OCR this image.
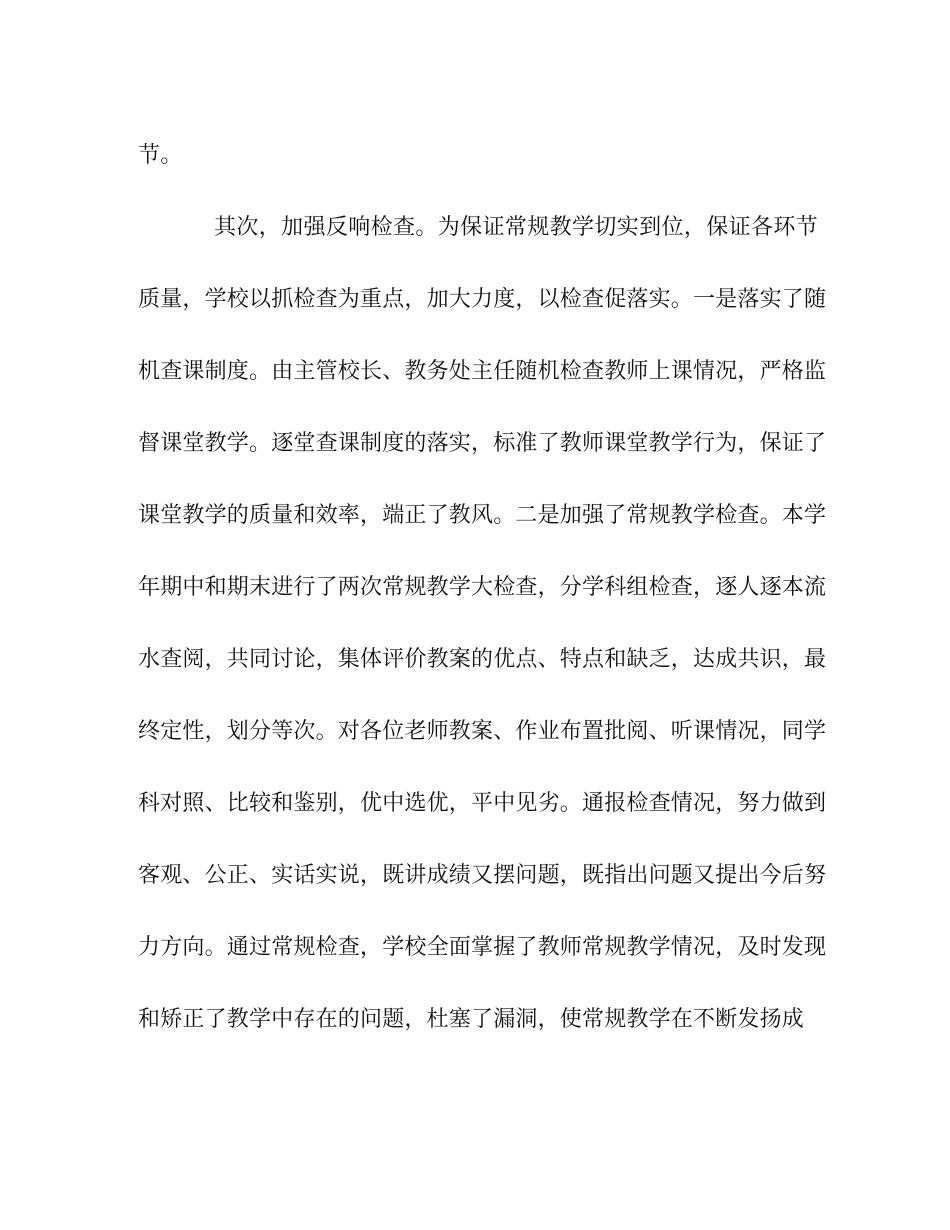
节。
其次，加强反响检查。为保证常规教学切实到位，保证各环节
质量，学校以抓检查为重点，加大力度，以检查促落实。一是落实了随
机查课制度。由主管校长、教务处主任随机检查教师上课情况，严格监
督课堂教学。逐堂查课制度的落实，标准了教师课堂教学行为，保证了
课堂教学的质量和效率，端正了教风。二是加强了常规教学检查。本学
年期中和期末进行了两次常规教学大检查，分学科组检查，逐人逐本流
水查阅，共同讨论，集体评价教案的优点、特点和缺乏，达成共识，最
终定性，划分等次。对各位老师教案、作业布置批阅、听课情况，同学
科对照、比较和鉴别，优中选优，平中见劣。通报检查情况，努力做到
客观、公正、实话实说，既讲成绩又摆问题，既指出问题又提出今后努
力方向。通过常规检查，学校全面掌握了教师常规教学情况，及时发现
和矫正了教学中存在的问题，杜塞了漏洞，使常规教学在不断发扬成
